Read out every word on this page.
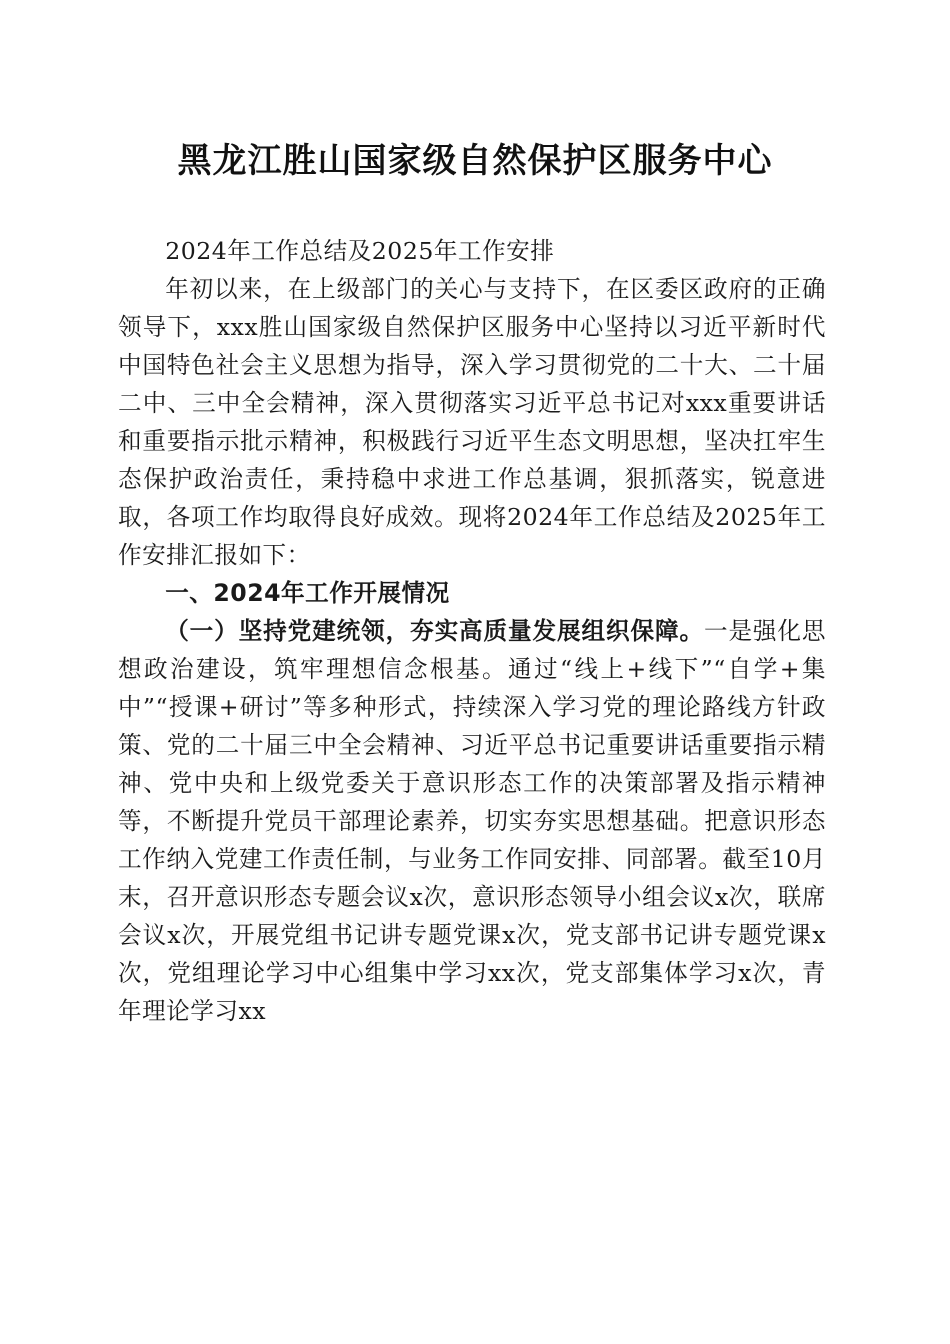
黑龙江胜山国家级自然保护区服务中心

2024年工作总结及2025年工作安排

年初以来，在上级部门的关心与支持下，在区委区政府的正确领导下，xxx胜山国家级自然保护区服务中心坚持以习近平新时代中国特色社会主义思想为指导，深入学习贯彻党的二十大、二十届二中、三中全会精神，深入贯彻落实习近平总书记对xxx重要讲话和重要指示批示精神，积极践行习近平生态文明思想，坚决扛牢生态保护政治责任，秉持稳中求进工作总基调，狠抓落实，锐意进取，各项工作均取得良好成效。现将2024年工作总结及2025年工作安排汇报如下：

一、2024年工作开展情况

（一）坚持党建统领，夯实高质量发展组织保障。一是强化思想政治建设，筑牢理想信念根基。通过“线上+线下”“自学+集中”“授课+研讨”等多种形式，持续深入学习党的理论路线方针政策、党的二十届三中全会精神、习近平总书记重要讲话重要指示精神、党中央和上级党委关于意识形态工作的决策部署及指示精神等，不断提升党员干部理论素养，切实夯实思想基础。把意识形态工作纳入党建工作责任制，与业务工作同安排、同部署。截至10月末，召开意识形态专题会议x次，意识形态领导小组会议x次，联席会议x次，开展党组书记讲专题党课x次，党支部书记讲专题党课x次，党组理论学习中心组集中学习xx次，党支部集体学习x次，青年理论学习xx
